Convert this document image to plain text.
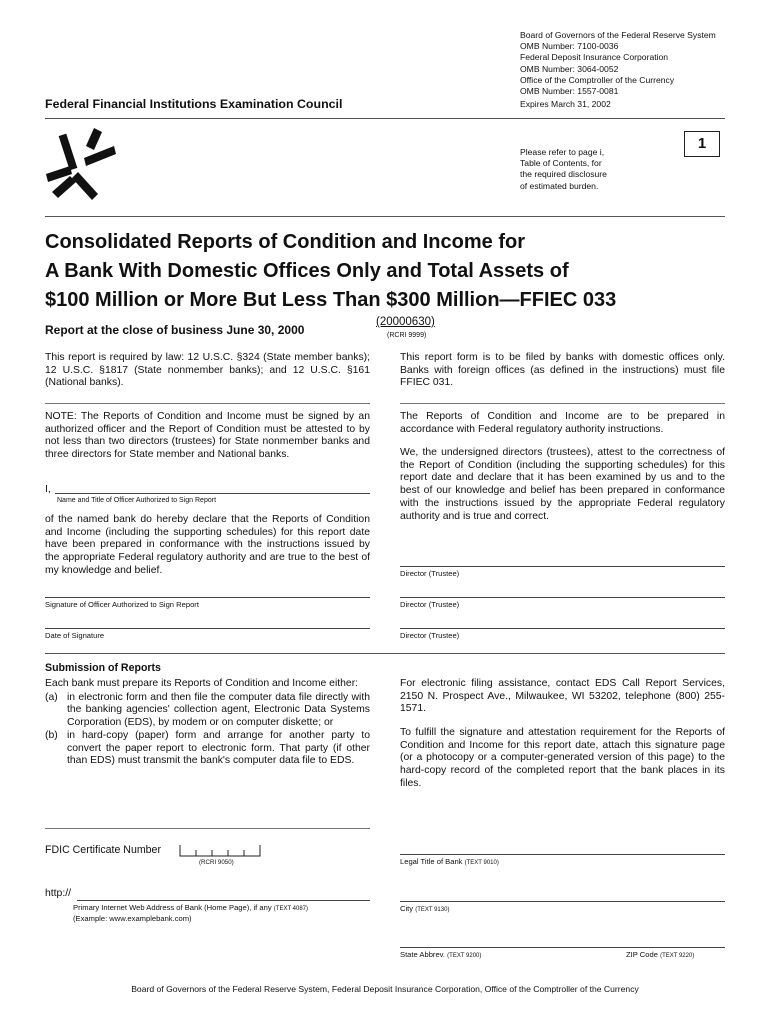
Board of Governors of the Federal Reserve System
OMB Number: 7100-0036
Federal Deposit Insurance Corporation
OMB Number: 3064-0052
Office of the Comptroller of the Currency
OMB Number: 1557-0081
Expires March 31, 2002
Federal Financial Institutions Examination Council
1
Please refer to page i,
Table of Contents, for
the required disclosure
of estimated burden.
Consolidated Reports of Condition and Income for
A Bank With Domestic Offices Only and Total Assets of
$100 Million or More But Less Than $300 Million—FFIEC 033
Report at the close of business June 30, 2000
(20000630)
(RCRI 9999)

This report is required by law: 12 U.S.C. §324 (State member banks); 12 U.S.C. §1817 (State nonmember banks); and 12 U.S.C. §161 (National banks).

This report form is to be filed by banks with domestic offices only. Banks with foreign offices (as defined in the instructions) must file FFIEC 031.

NOTE: The Reports of Condition and Income must be signed by an authorized officer and the Report of Condition must be attested to by not less than two directors (trustees) for State nonmember banks and three directors for State member and National banks.

I,
Name and Title of Officer Authorized to Sign Report

of the named bank do hereby declare that the Reports of Condition and Income (including the supporting schedules) for this report date have been prepared in conformance with the instructions issued by the appropriate Federal regulatory authority and are true to the best of my knowledge and belief.

The Reports of Condition and Income are to be prepared in accordance with Federal regulatory authority instructions.

We, the undersigned directors (trustees), attest to the correctness of the Report of Condition (including the supporting schedules) for this report date and declare that it has been examined by us and to the best of our knowledge and belief has been prepared in conformance with the instructions issued by the appropriate Federal regulatory authority and is true and correct.

Director (Trustee)
Signature of Officer Authorized to Sign Report	Director (Trustee)
Date of Signature	Director (Trustee)
Submission of Reports

Each bank must prepare its Reports of Condition and Income either:

(a) in electronic form and then file the computer data file directly with the banking agencies' collection agent, Electronic Data Systems Corporation (EDS), by modem or on computer diskette; or
(b) in hard-copy (paper) form and arrange for another party to convert the paper report to electronic form. That party (if other than EDS) must transmit the bank's computer data file to EDS.

For electronic filing assistance, contact EDS Call Report Services, 2150 N. Prospect Ave., Milwaukee, WI 53202, telephone (800) 255-1571.

To fulfill the signature and attestation requirement for the Reports of Condition and Income for this report date, attach this signature page (or a photocopy or a computer-generated version of this page) to the hard-copy record of the completed report that the bank places in its files.

FDIC Certificate Number
(RCRI 9050)	Legal Title of Bank (TEXT 9010)
http://
Primary Internet Web Address of Bank (Home Page), if any (TEXT 4087)
(Example: www.examplebank.com)
City (TEXT 9130)
State Abbrev. (TEXT 9200)	ZIP Code (TEXT 9220)
Board of Governors of the Federal Reserve System, Federal Deposit Insurance Corporation, Office of the Comptroller of the Currency
